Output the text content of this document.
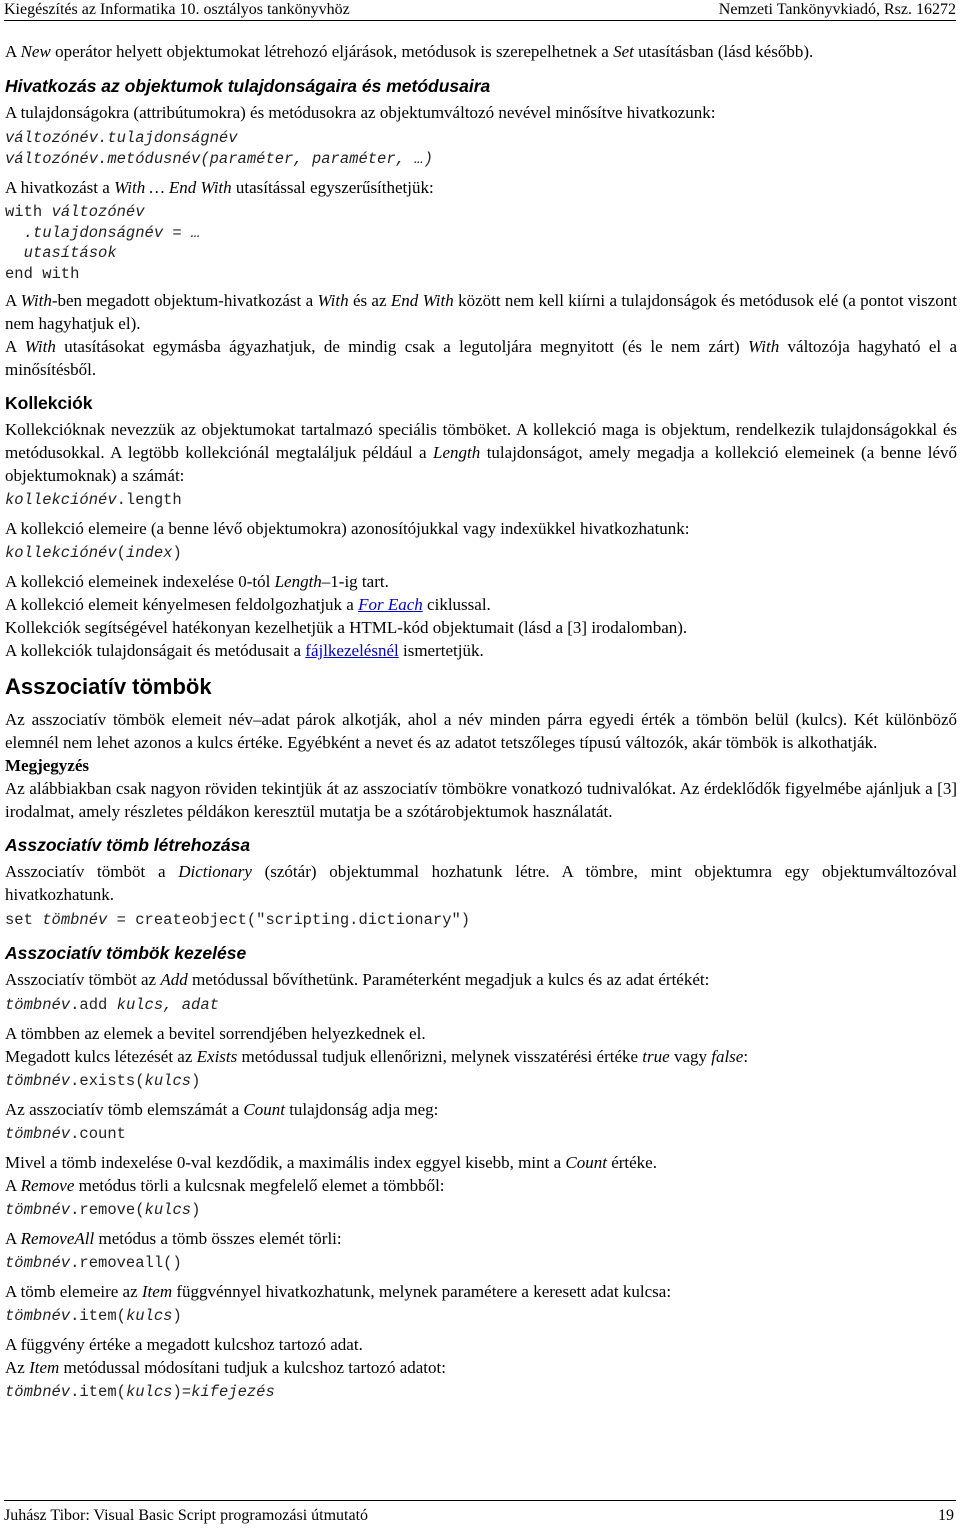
Kiegészítés az Informatika 10. osztályos tankönyvhöz	Nemzeti Tankönyvkiadó, Rsz. 16272

A New operátor helyett objektumokat létrehozó eljárások, metódusok is szerepelhetnek a Set utasításban (lásd később).

Hivatkozás az objektumok tulajdonságaira és metódusaira

A tulajdonságokra (attribútumokra) és metódusokra az objektumváltozó nevével minősítve hivatkozunk:

változónév.tulajdonságnév
változónév.metódusnév(paraméter, paraméter, …)

A hivatkozást a With … End With utasítással egyszerűsíthetjük:

with változónév
.tulajdonságnév = …
utasítások
end with

A With-ben megadott objektum-hivatkozást a With és az End With között nem kell kiírni a tulajdonságok és metódusok elé (a pontot viszont nem hagyhatjuk el).

A With utasításokat egymásba ágyazhatjuk, de mindig csak a legutoljára megnyitott (és le nem zárt) With változója hagyható el a minősítésből.

Kollekciók

Kollekcióknak nevezzük az objektumokat tartalmazó speciális tömböket. A kollekció maga is objektum, rendelkezik tulajdonságokkal és metódusokkal. A legtöbb kollekciónál megtaláljuk például a Length tulajdonságot, amely megadja a kollekció elemeinek (a benne lévő objektumoknak) a számát:

kollekciónév.length

A kollekció elemeire (a benne lévő objektumokra) azonosítójukkal vagy indexükkel hivatkozhatunk:

kollekciónév(index)

A kollekció elemeinek indexelése 0-tól Length–1-ig tart.

A kollekció elemeit kényelmesen feldolgozhatjuk a For Each ciklussal.

Kollekciók segítségével hatékonyan kezelhetjük a HTML-kód objektumait (lásd a [3] irodalomban).

A kollekciók tulajdonságait és metódusait a fájlkezelésnél ismertetjük.

Asszociatív tömbök

Az asszociatív tömbök elemeit név–adat párok alkotják, ahol a név minden párra egyedi érték a tömbön belül (kulcs). Két különböző elemnél nem lehet azonos a kulcs értéke. Egyébként a nevet és az adatot tetszőleges típusú változók, akár tömbök is alkothatják.

Megjegyzés

Az alábbiakban csak nagyon röviden tekintjük át az asszociatív tömbökre vonatkozó tudnivalókat. Az érdeklődők figyelmébe ajánljuk a [3] irodalmat, amely részletes példákon keresztül mutatja be a szótárobjektumok használatát.

Asszociatív tömb létrehozása

Asszociatív tömböt a Dictionary (szótár) objektummal hozhatunk létre. A tömbre, mint objektumra egy objektumváltozóval hivatkozhatunk.

set tömbnév = createobject("scripting.dictionary")
Asszociatív tömbök kezelése

Asszociatív tömböt az Add metódussal bővíthetünk. Paraméterként megadjuk a kulcs és az adat értékét:

tömbnév.add kulcs, adat

A tömbben az elemek a bevitel sorrendjében helyezkednek el.

Megadott kulcs létezését az Exists metódussal tudjuk ellenőrizni, melynek visszatérési értéke true vagy false:

tömbnév.exists(kulcs)

Az asszociatív tömb elemszámát a Count tulajdonság adja meg:

tömbnév.count

Mivel a tömb indexelése 0-val kezdődik, a maximális index eggyel kisebb, mint a Count értéke.

A Remove metódus törli a kulcsnak megfelelő elemet a tömbből:

tömbnév.remove(kulcs)

A RemoveAll metódus a tömb összes elemét törli:

tömbnév.removeall()

A tömb elemeire az Item függvénnyel hivatkozhatunk, melynek paramétere a keresett adat kulcsa:

tömbnév.item(kulcs)

A függvény értéke a megadott kulcshoz tartozó adat.

Az Item metódussal módosítani tudjuk a kulcshoz tartozó adatot:

tömbnév.item(kulcs)=kifejezés
Juhász Tibor: Visual Basic Script programozási útmutató	19
